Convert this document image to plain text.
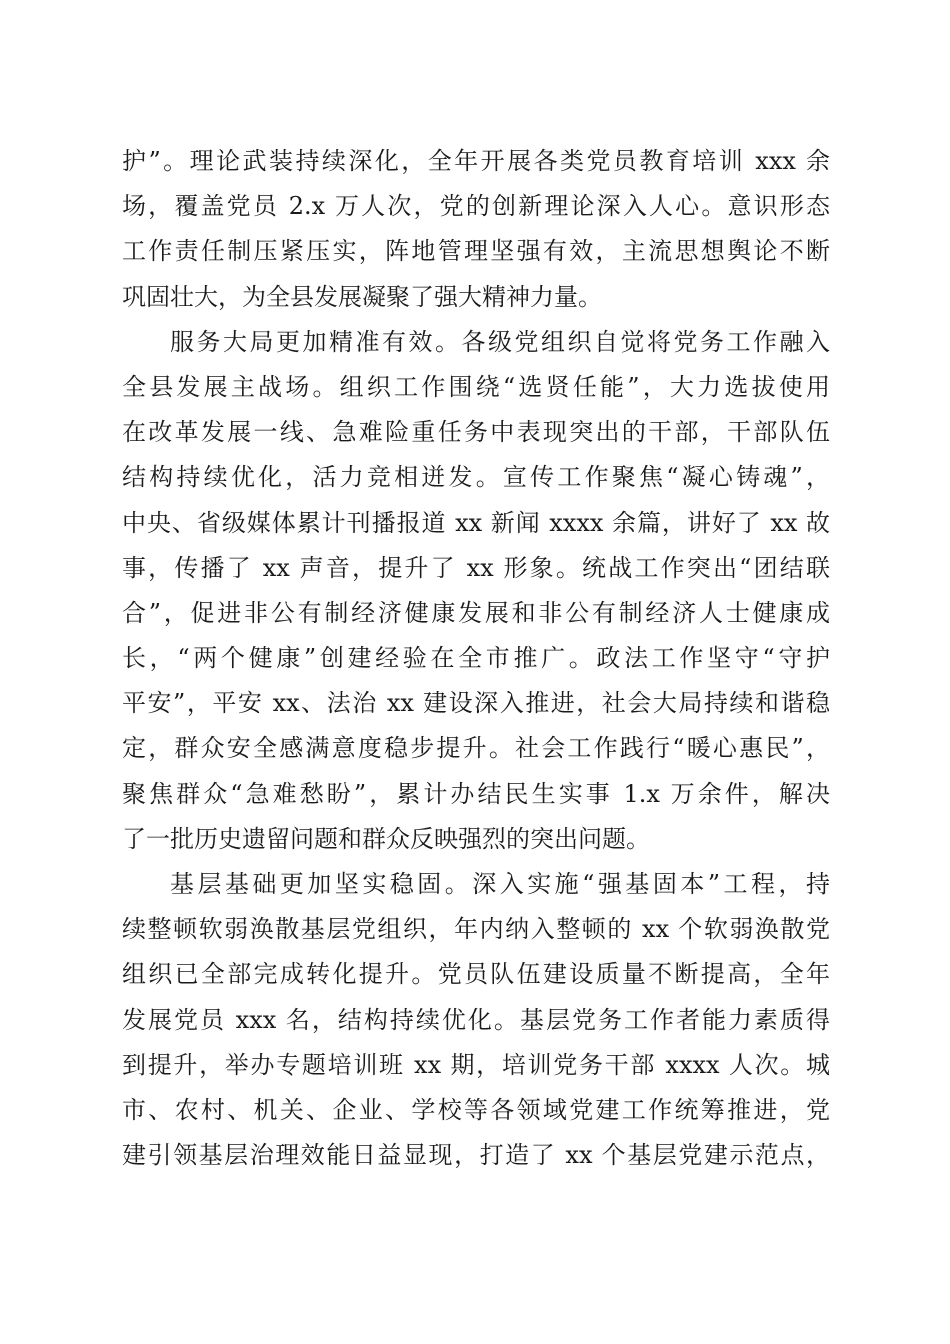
护”。理论武装持续深化，全年开展各类党员教育培训 xxx 余
场，覆盖党员 2.x 万人次，党的创新理论深入人心。意识形态
工作责任制压紧压实，阵地管理坚强有效，主流思想舆论不断
巩固壮大，为全县发展凝聚了强大精神力量。
服务大局更加精准有效。各级党组织自觉将党务工作融入
全县发展主战场。组织工作围绕“选贤任能”，大力选拔使用
在改革发展一线、急难险重任务中表现突出的干部，干部队伍
结构持续优化，活力竞相迸发。宣传工作聚焦“凝心铸魂”，
中央、省级媒体累计刊播报道 xx 新闻 xxxx 余篇，讲好了 xx 故
事，传播了 xx 声音，提升了 xx 形象。统战工作突出“团结联
合”，促进非公有制经济健康发展和非公有制经济人士健康成
长，“两个健康”创建经验在全市推广。政法工作坚守“守护
平安”，平安 xx、法治 xx 建设深入推进，社会大局持续和谐稳
定，群众安全感满意度稳步提升。社会工作践行“暖心惠民”，
聚焦群众“急难愁盼”，累计办结民生实事 1.x 万余件，解决
了一批历史遗留问题和群众反映强烈的突出问题。
基层基础更加坚实稳固。深入实施“强基固本”工程，持
续整顿软弱涣散基层党组织，年内纳入整顿的 xx 个软弱涣散党
组织已全部完成转化提升。党员队伍建设质量不断提高，全年
发展党员 xxx 名，结构持续优化。基层党务工作者能力素质得
到提升，举办专题培训班 xx 期，培训党务干部 xxxx 人次。城
市、农村、机关、企业、学校等各领域党建工作统筹推进，党
建引领基层治理效能日益显现，打造了 xx 个基层党建示范点，
